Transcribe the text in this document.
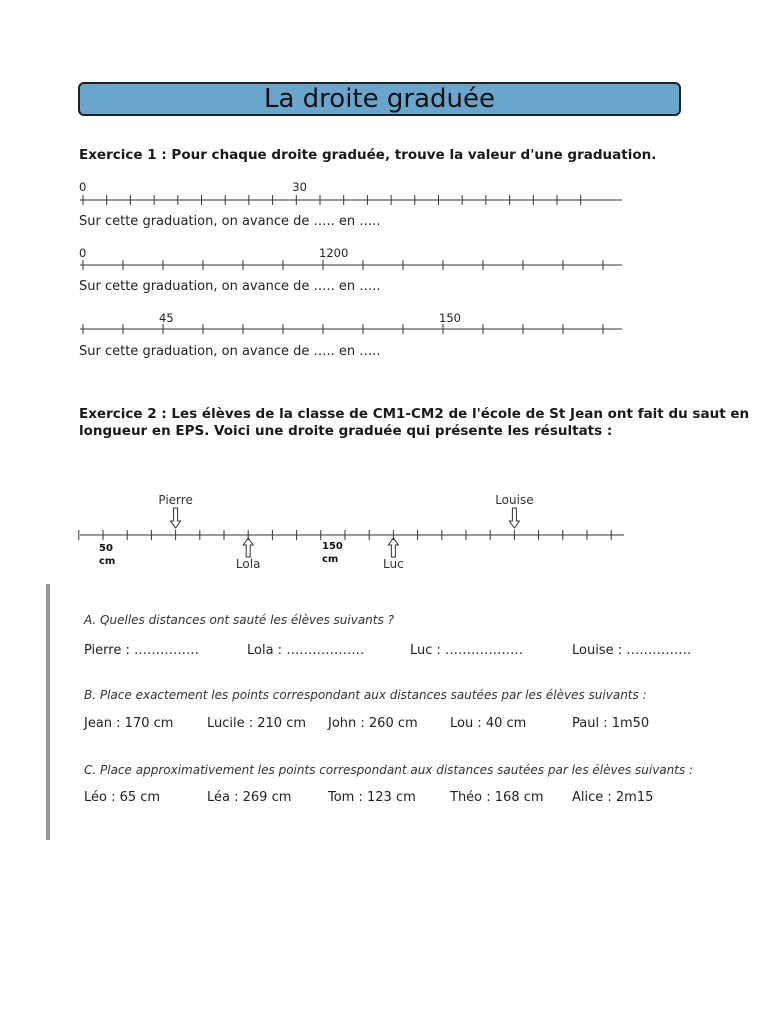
La droite graduée
Exercice 1 : Pour chaque droite graduée, trouve la valeur d'une graduation.
0	30
0	1200
45	150
Sur cette graduation, on avance de ….. en …..
Sur cette graduation, on avance de ….. en …..
Sur cette graduation, on avance de ….. en …..
Exercice 2 : Les élèves de la classe de CM1-CM2 de l'école de St Jean ont fait du saut en
longueur en EPS. Voici une droite graduée qui présente les résultats :
Pierre
Lola	Luc
Louise
50
cm
150
cm
A. Quelles distances ont sauté les élèves suivants ?
Pierre : ……………	Lola : ………………	Luc : ………………	Louise : ……………
B. Place exactement les points correspondant aux distances sautées par les élèves suivants :
Jean : 170 cm	Lucile : 210 cm John : 260 cm Lou : 40 cm	Paul : 1m50
C. Place approximativement les points correspondant aux distances sautées par les élèves suivants :
Léo : 65 cm	Léa : 269 cm	Tom : 123 cm	Théo : 168 cm Alice : 2m15
